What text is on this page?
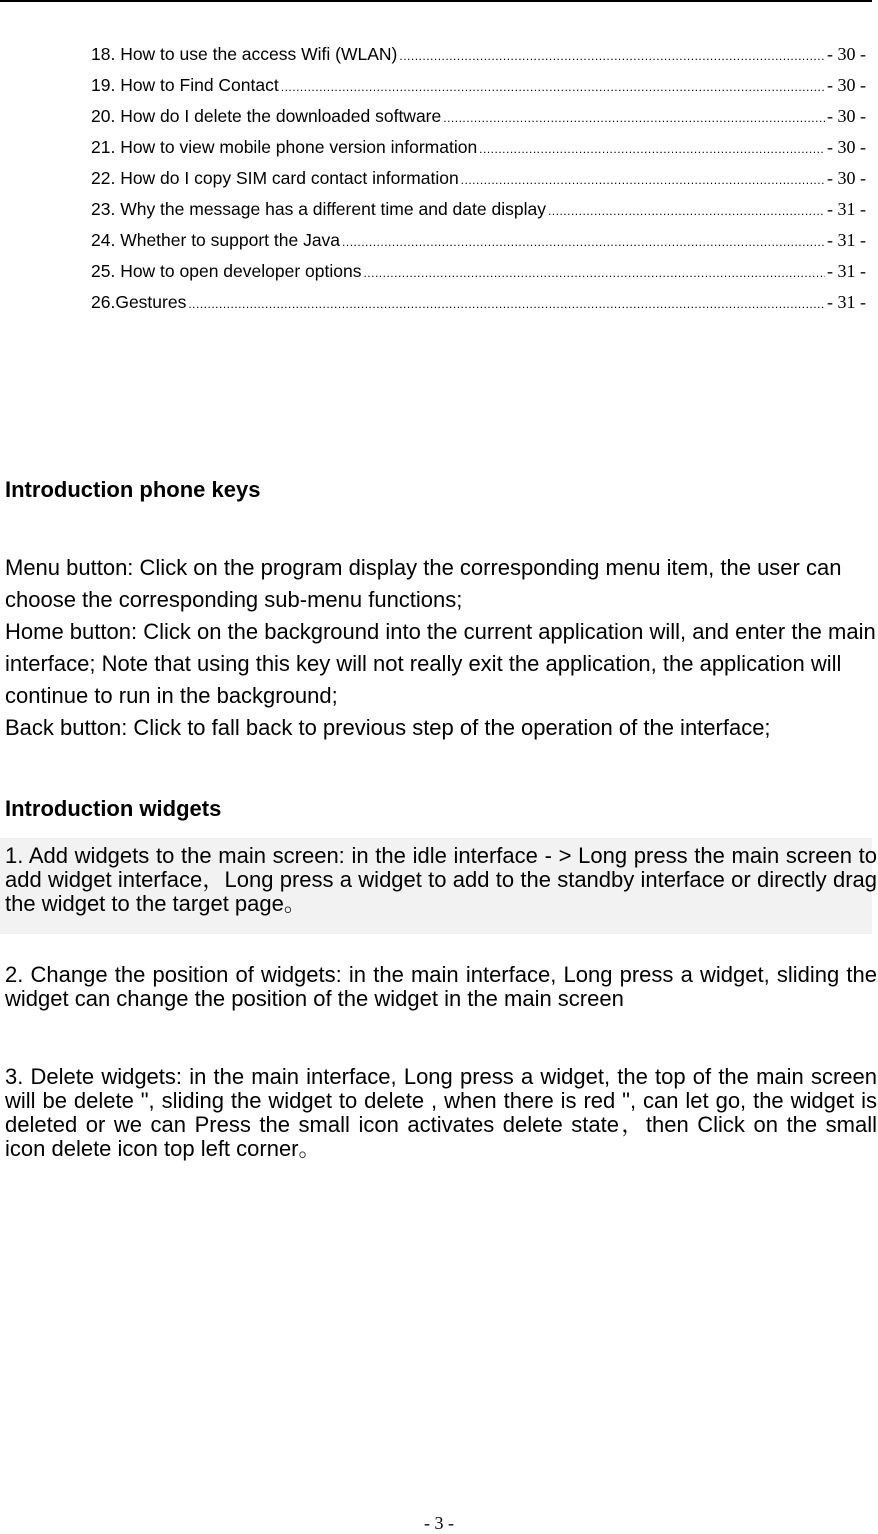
18. How to use the access Wifi (WLAN) .....	- 30 -
19. How to Find Contact .....	- 30 -
20. How do I delete the downloaded software .....	- 30 -
21. How to view mobile phone version information .....	- 30 -
22. How do I copy SIM card contact information .....	- 30 -
23. Why the message has a different time and date display .....	- 31 -
24. Whether to support the Java .....	- 31 -
25. How to open developer options .....	- 31 -
26.Gestures .....	- 31 -
Introduction phone keys

Menu button: Click on the program display the corresponding menu item, the user can choose the corresponding sub-menu functions;

Home button: Click on the background into the current application will, and enter the main interface; Note that using this key will not really exit the application, the application will continue to run in the background;

Back button: Click to fall back to previous step of the operation of the interface;

Introduction widgets
1. Add widgets to the main screen: in the idle interface - > Long press the main screen to add widget interface，Long press a widget to add to the standby interface or directly drag the widget to the target page。
2. Change the position of widgets: in the main interface, Long press a widget, sliding the widget can change the position of the widget in the main screen
3. Delete widgets: in the main interface, Long press a widget, the top of the main screen will be delete ", sliding the widget to delete , when there is red ", can let go, the widget is deleted or we can Press the small icon activates delete state，then Click on the small icon delete icon top left corner。
- 3 -
